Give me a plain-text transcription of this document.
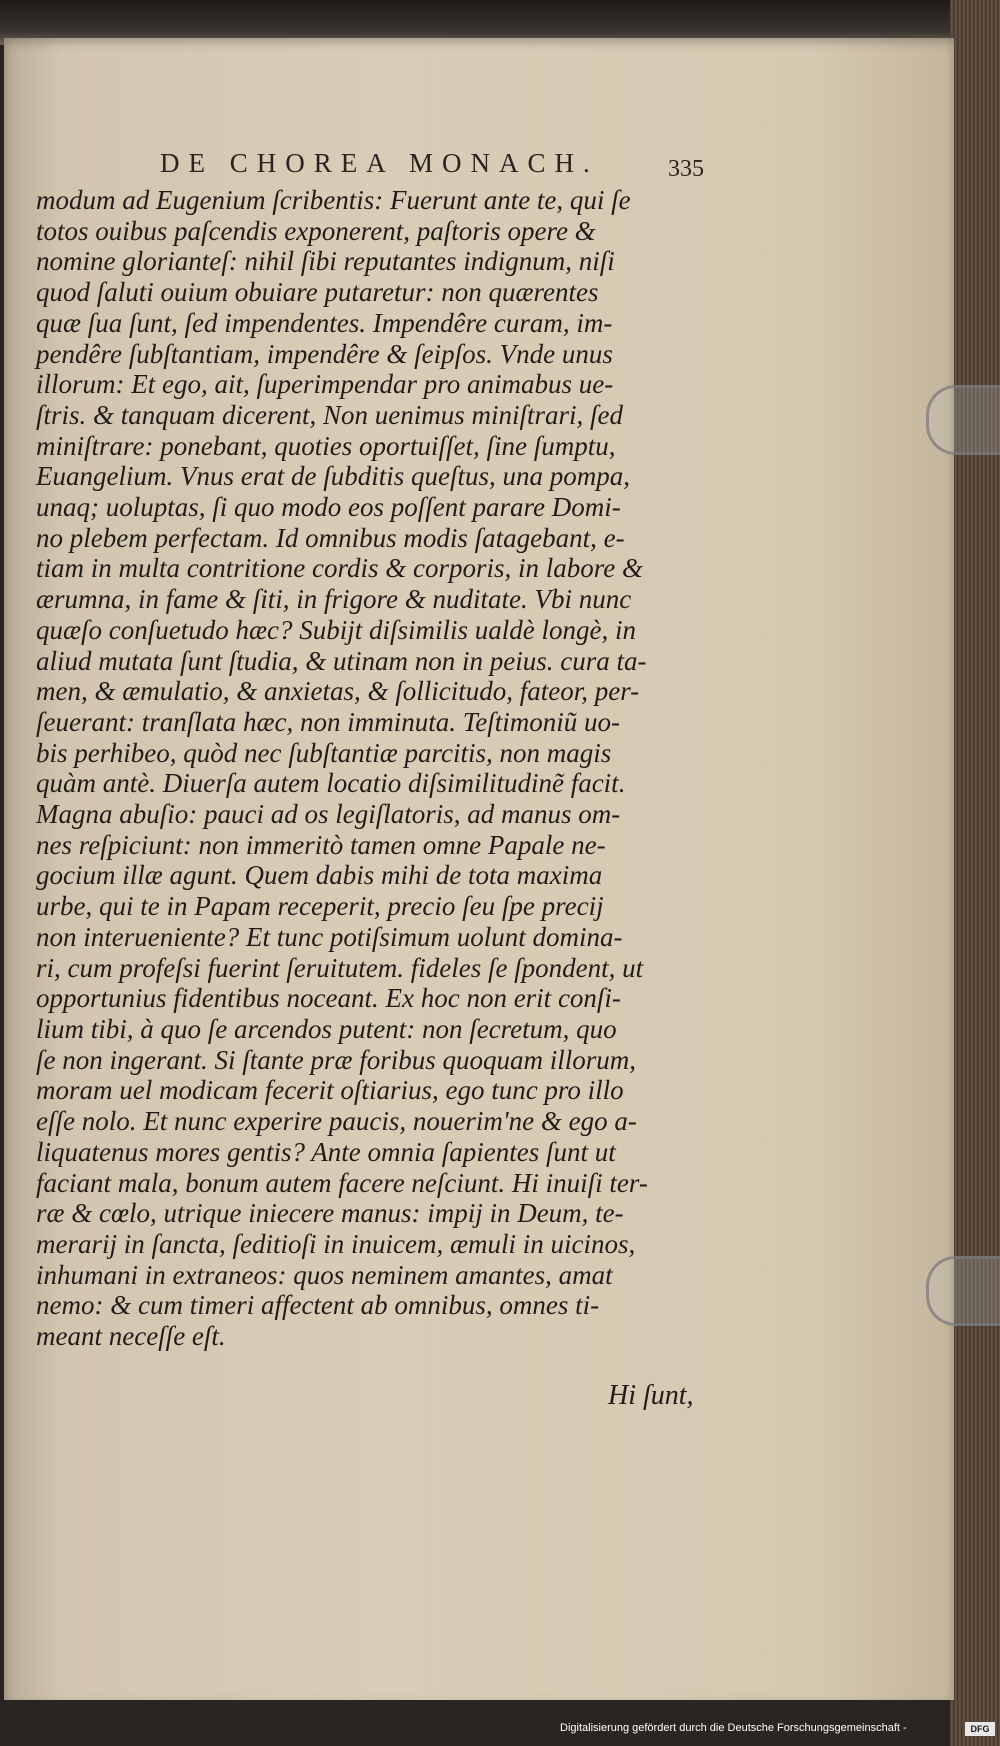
DE CHOREA MONACH.	335
modum ad Eugenium ſcribentis: Fuerunt ante te, qui ſe
totos ouibus paſcendis exponerent, paſtoris opere &
nomine glorianteſ: nihil ſibi reputantes indignum, niſi
quod ſaluti ouium obuiare putaretur: non quærentes
quæ ſua ſunt, ſed impendentes. Impendêre curam, im-
pendêre ſubſtantiam, impendêre & ſeipſos. Vnde unus
illorum: Et ego, ait, ſuperimpendar pro animabus ue-
ſtris. & tanquam dicerent, Non uenimus miniſtrari, ſed
miniſtrare: ponebant, quoties oportuiſſet, ſine ſumptu,
Euangelium. Vnus erat de ſubditis queſtus, una pompa,
unaq; uoluptas, ſi quo modo eos poſſent parare Domi-
no plebem perfectam. Id omnibus modis ſatagebant, e-
tiam in multa contritione cordis & corporis, in labore &
ærumna, in fame & ſiti, in frigore & nuditate. Vbi nunc
quæſo conſuetudo hæc? Subijt diſsimilis ualdè longè, in
aliud mutata ſunt ſtudia, & utinam non in peius. cura ta-
men, & æmulatio, & anxietas, & ſollicitudo, fateor, per-
ſeuerant: tranſlata hæc, non imminuta. Teſtimoniũ uo-
bis perhibeo, quòd nec ſubſtantiæ parcitis, non magis
quàm antè. Diuerſa autem locatio diſsimilitudinẽ facit.
Magna abuſio: pauci ad os legiſlatoris, ad manus om-
nes reſpiciunt: non immeritò tamen omne Papale ne-
gocium illæ agunt. Quem dabis mihi de tota maxima
urbe, qui te in Papam receperit, precio ſeu ſpe precij
non interueniente? Et tunc potiſsimum uolunt domina-
ri, cum profeſsi fuerint ſeruitutem. fideles ſe ſpondent, ut
opportunius fidentibus noceant. Ex hoc non erit conſi-
lium tibi, à quo ſe arcendos putent: non ſecretum, quo
ſe non ingerant. Si ſtante præ foribus quoquam illorum,
moram uel modicam fecerit oſtiarius, ego tunc pro illo
eſſe nolo. Et nunc experire paucis, nouerim'ne & ego a-
liquatenus mores gentis? Ante omnia ſapientes ſunt ut
faciant mala, bonum autem facere neſciunt. Hi inuiſi ter-
ræ & cœlo, utrique iniecere manus: impij in Deum, te-
merarij in ſancta, ſeditioſi in inuicem, æmuli in uicinos,
inhumani in extraneos: quos neminem amantes, amat
nemo: & cum timeri affectent ab omnibus, omnes ti-
meant neceſſe eſt.
Hi ſunt,
Digitalisierung gefördert durch die Deutsche Forschungsgemeinschaft -	DFG
